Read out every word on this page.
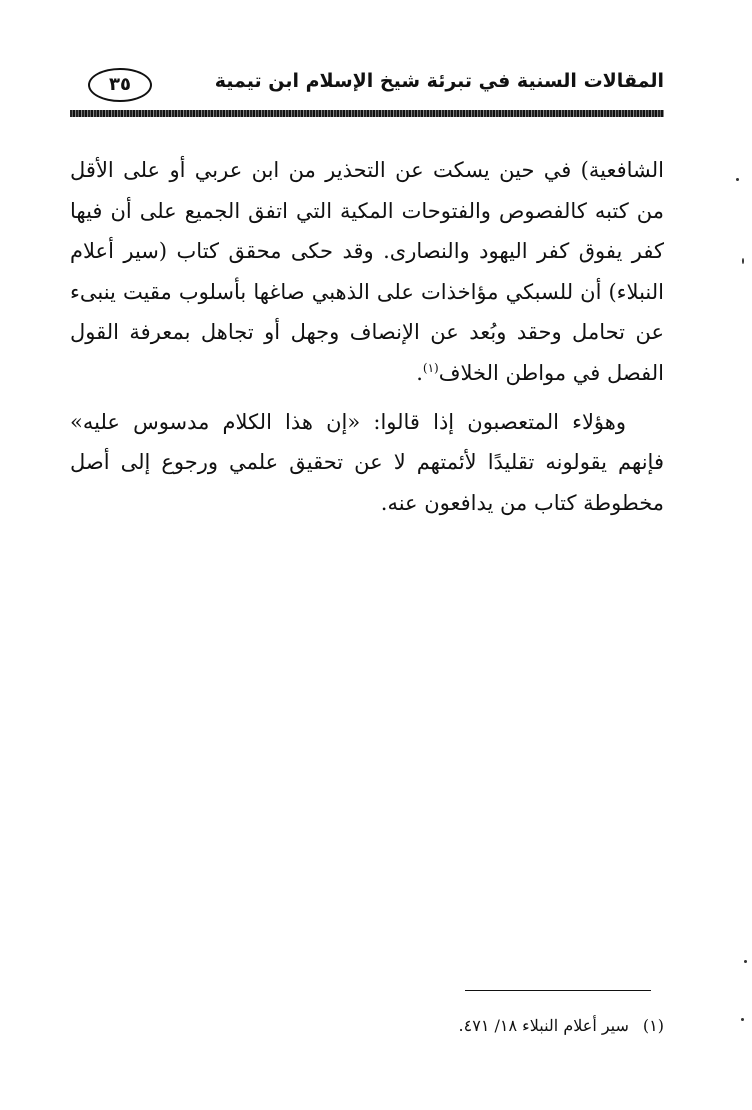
المقالات السنية في تبرئة شيخ الإسلام ابن تيمية
٣٥

الشافعية) في حين يسكت عن التحذير من ابن عربي أو على الأقل من كتبه كالفصوص والفتوحات المكية التي اتفق الجميع على أن فيها كفر يفوق كفر اليهود والنصارى. وقد حكى محقق كتاب (سير أعلام النبلاء) أن للسبكي مؤاخذات على الذهبي صاغها بأسلوب مقيت ينبىء عن تحامل وحقد وبُعد عن الإنصاف وجهل أو تجاهل بمعرفة القول الفصل في مواطن الخلاف$^{(١)}$.

وهؤلاء المتعصبون إذا قالوا: «إن هذا الكلام مدسوس عليه» فإنهم يقولونه تقليدًا لأئمتهم لا عن تحقيق علمي ورجوع إلى أصل مخطوطة كتاب من يدافعون عنه.

(١)سير أعلام النبلاء ١٨/ ٤٧١.
